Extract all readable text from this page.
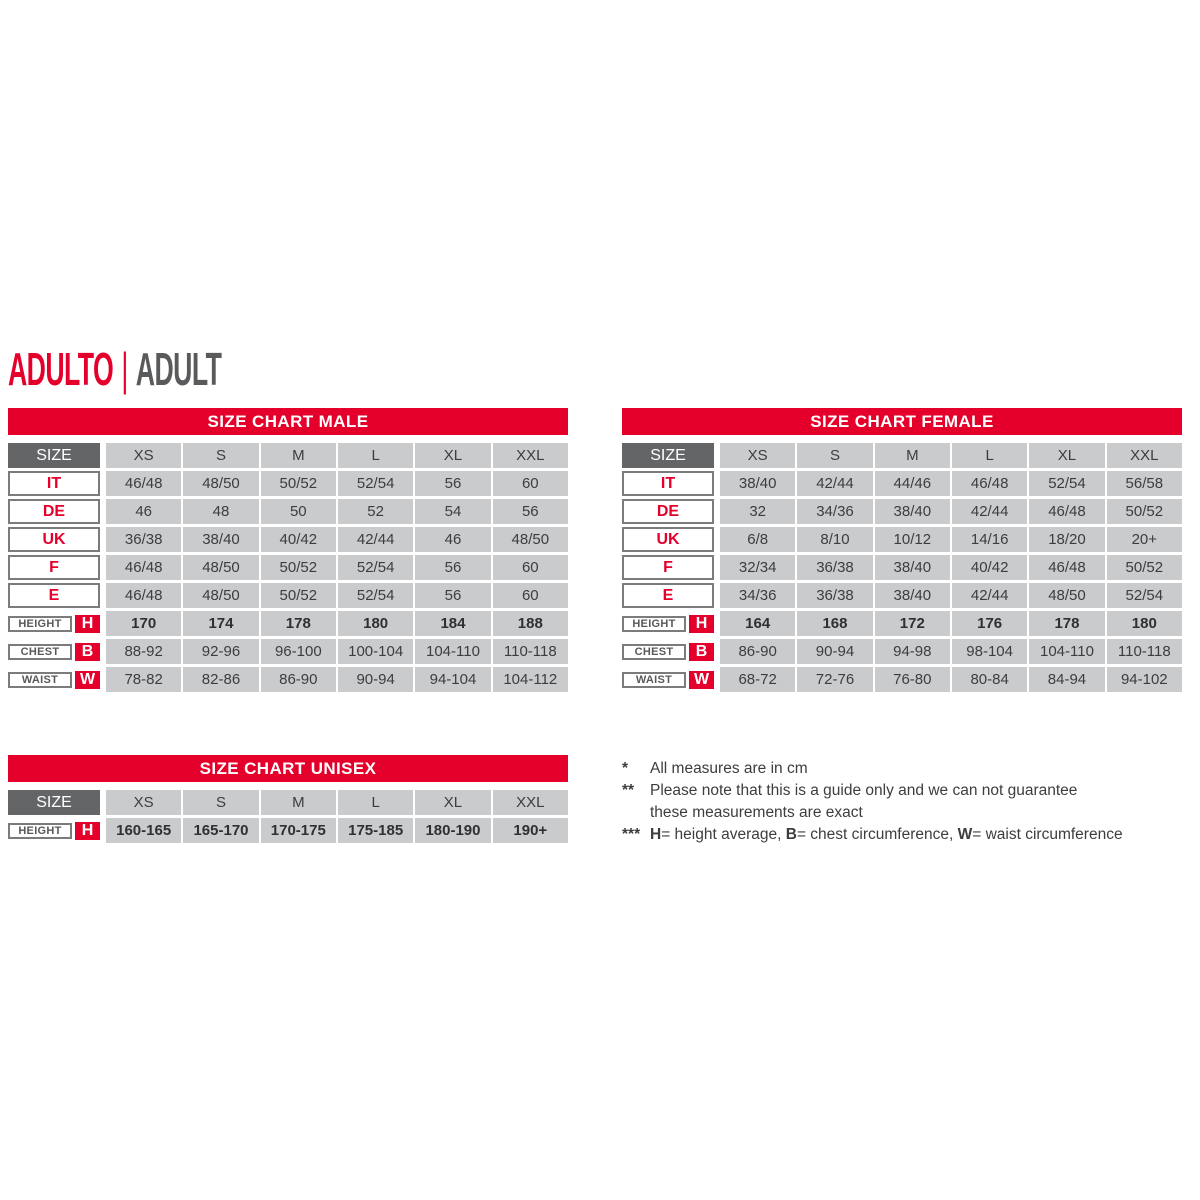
ADULTO | ADULT
SIZE CHART MALE
SIZE	XS	S	M	L	XL	XXL
IT	46/48	48/50	50/52	52/54	56	60
DE	46	48	50	52	54	56
UK	36/38	38/40	40/42	42/44	46	48/50
F	46/48	48/50	50/52	52/54	56	60
E	46/48	48/50	50/52	52/54	56	60
HEIGHT	H	170	174	178	180	184	188
CHEST	B	88-92	92-96	96-100	100-104	104-110	110-118
WAIST	W	78-82	82-86	86-90	90-94	94-104	104-112
SIZE CHART UNISEX
SIZE	XS	S	M	L	XL	XXL
HEIGHT	H	160-165	165-170	170-175	175-185	180-190	190+
SIZE CHART FEMALE
SIZE	XS	S	M	L	XL	XXL
IT	38/40	42/44	44/46	46/48	52/54	56/58
DE	32	34/36	38/40	42/44	46/48	50/52
UK	6/8	8/10	10/12	14/16	18/20	20+
F	32/34	36/38	38/40	40/42	46/48	50/52
E	34/36	36/38	38/40	42/44	48/50	52/54
HEIGHT	H	164	168	172	176	178	180
CHEST	B	86-90	90-94	94-98	98-104	104-110	110-118
WAIST	W	68-72	72-76	76-80	80-84	84-94	94-102
*	All measures are in cm
**	Please note that this is a guide only and we can not guarantee
these measurements are exact
*** H= height average, B= chest circumference, W= waist circumference
